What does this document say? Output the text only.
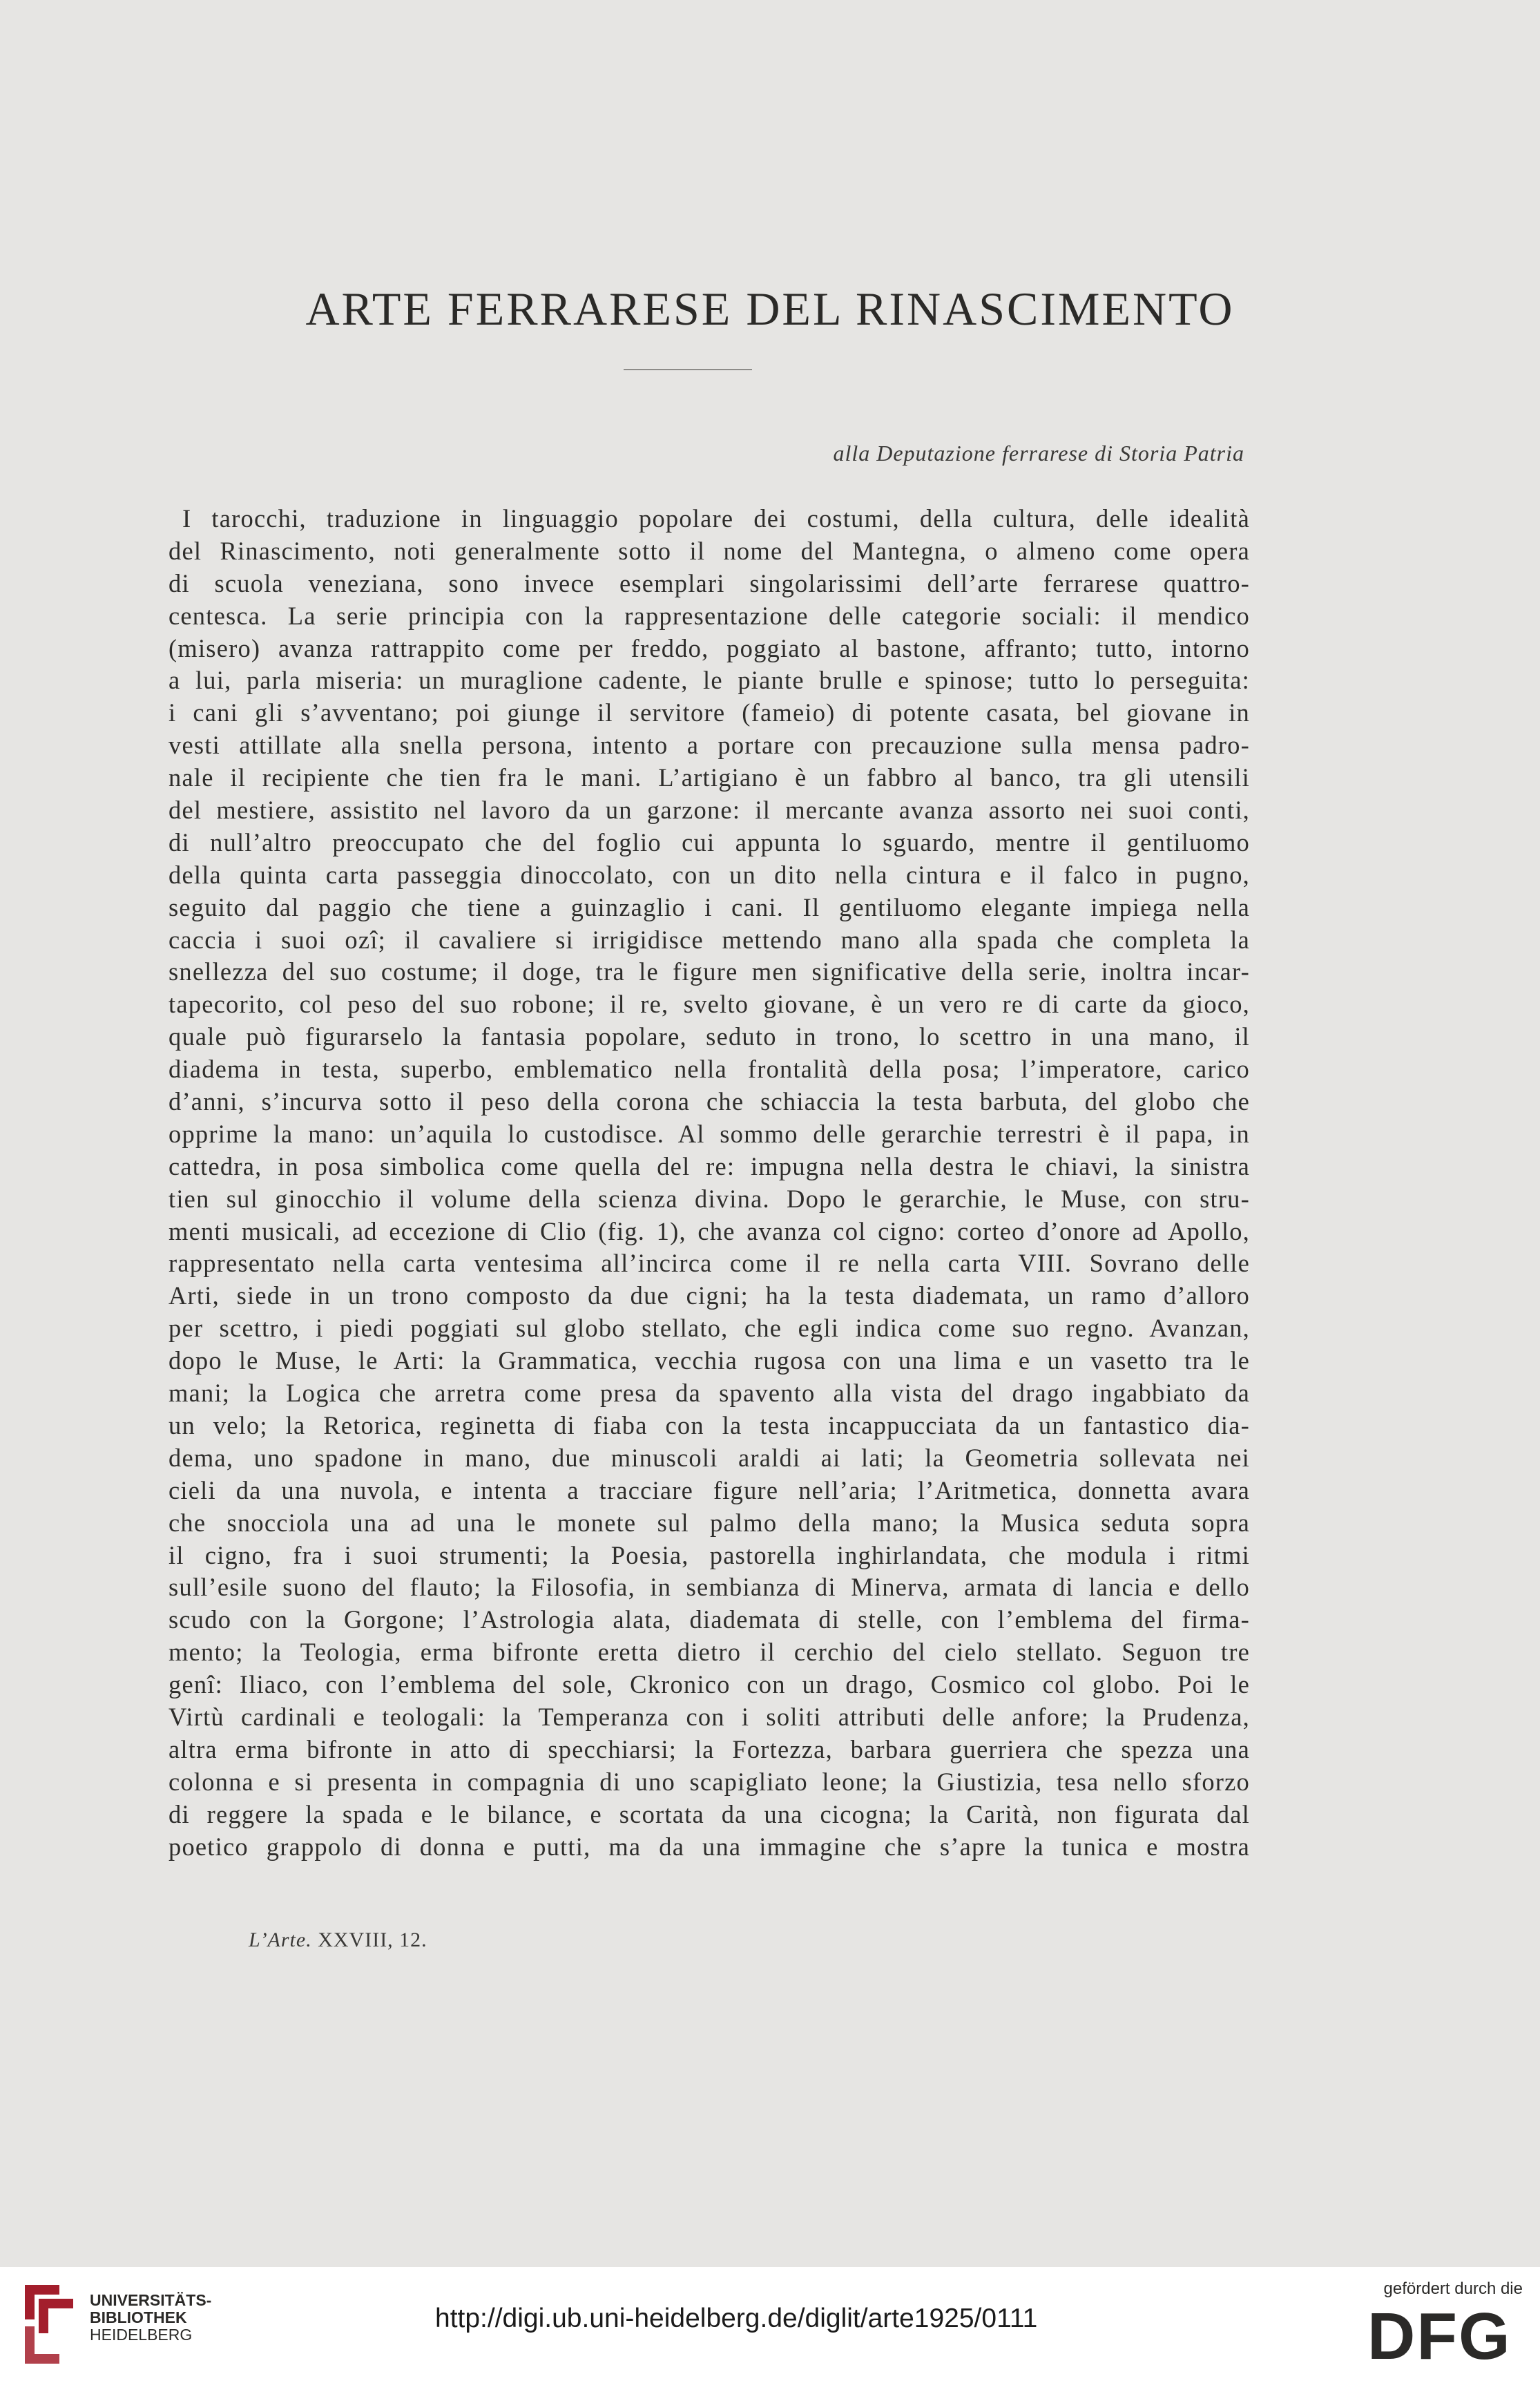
ARTE FERRARESE DEL RINASCIMENTO
alla Deputazione ferrarese di Storia Patria
I tarocchi, traduzione in linguaggio popolare dei costumi, della cultura, delle idealità
del Rinascimento, noti generalmente sotto il nome del Mantegna, o almeno come opera
di scuola veneziana, sono invece esemplari singolarissimi dell’arte ferrarese quattro-
centesca. La serie principia con la rappresentazione delle categorie sociali: il mendico
(misero) avanza rattrappito come per freddo, poggiato al bastone, affranto; tutto, intorno
a lui, parla miseria: un muraglione cadente, le piante brulle e spinose; tutto lo perseguita:
i cani gli s’avventano; poi giunge il servitore (fameio) di potente casata, bel giovane in
vesti attillate alla snella persona, intento a portare con precauzione sulla mensa padro-
nale il recipiente che tien fra le mani. L’artigiano è un fabbro al banco, tra gli utensili
del mestiere, assistito nel lavoro da un garzone: il mercante avanza assorto nei suoi conti,
di null’altro preoccupato che del foglio cui appunta lo sguardo, mentre il gentiluomo
della quinta carta passeggia dinoccolato, con un dito nella cintura e il falco in pugno,
seguito dal paggio che tiene a guinzaglio i cani. Il gentiluomo elegante impiega nella
caccia i suoi ozî; il cavaliere si irrigidisce mettendo mano alla spada che completa la
snellezza del suo costume; il doge, tra le figure men significative della serie, inoltra incar-
tapecorito, col peso del suo robone; il re, svelto giovane, è un vero re di carte da gioco,
quale può figurarselo la fantasia popolare, seduto in trono, lo scettro in una mano, il
diadema in testa, superbo, emblematico nella frontalità della posa; l’imperatore, carico
d’anni, s’incurva sotto il peso della corona che schiaccia la testa barbuta, del globo che
opprime la mano: un’aquila lo custodisce. Al sommo delle gerarchie terrestri è il papa, in
cattedra, in posa simbolica come quella del re: impugna nella destra le chiavi, la sinistra
tien sul ginocchio il volume della scienza divina. Dopo le gerarchie, le Muse, con stru-
menti musicali, ad eccezione di Clio (fig. 1), che avanza col cigno: corteo d’onore ad Apollo,
rappresentato nella carta ventesima all’incirca come il re nella carta VIII. Sovrano delle
Arti, siede in un trono composto da due cigni; ha la testa diademata, un ramo d’alloro
per scettro, i piedi poggiati sul globo stellato, che egli indica come suo regno. Avanzan,
dopo le Muse, le Arti: la Grammatica, vecchia rugosa con una lima e un vasetto tra le
mani; la Logica che arretra come presa da spavento alla vista del drago ingabbiato da
un velo; la Retorica, reginetta di fiaba con la testa incappucciata da un fantastico dia-
dema, uno spadone in mano, due minuscoli araldi ai lati; la Geometria sollevata nei
cieli da una nuvola, e intenta a tracciare figure nell’aria; l’Aritmetica, donnetta avara
che snocciola una ad una le monete sul palmo della mano; la Musica seduta sopra
il cigno, fra i suoi strumenti; la Poesia, pastorella inghirlandata, che modula i ritmi
sull’esile suono del flauto; la Filosofia, in sembianza di Minerva, armata di lancia e dello
scudo con la Gorgone; l’Astrologia alata, diademata di stelle, con l’emblema del firma-
mento; la Teologia, erma bifronte eretta dietro il cerchio del cielo stellato. Seguon tre
genî: Iliaco, con l’emblema del sole, Ckronico con un drago, Cosmico col globo. Poi le
Virtù cardinali e teologali: la Temperanza con i soliti attributi delle anfore; la Prudenza,
altra erma bifronte in atto di specchiarsi; la Fortezza, barbara guerriera che spezza una
colonna e si presenta in compagnia di uno scapigliato leone; la Giustizia, tesa nello sforzo
di reggere la spada e le bilance, e scortata da una cicogna; la Carità, non figurata dal
poetico grappolo di donna e putti, ma da una immagine che s’apre la tunica e mostra
L’Arte. XXVIII, 12.
UNIVERSITÄTS-
BIBLIOTHEK
HEIDELBERG
http://digi.ub.uni-heidelberg.de/diglit/arte1925/0111
gefördert durch die
DFG
